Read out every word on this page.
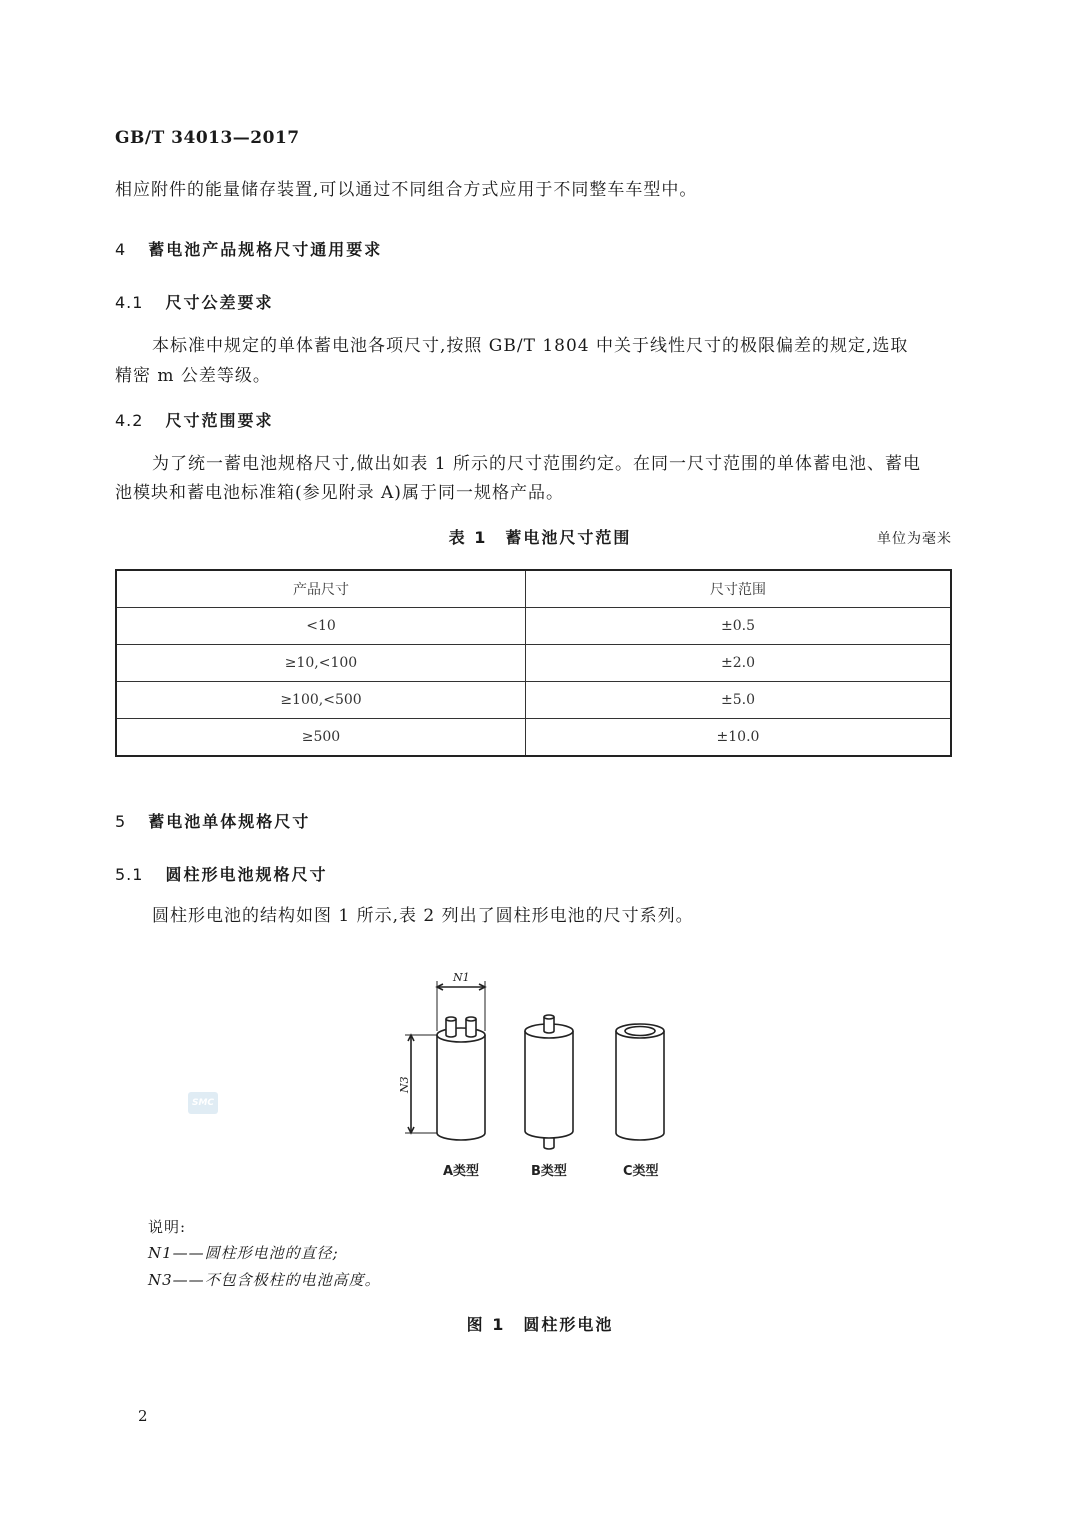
GB/T 34013—2017
相应附件的能量储存装置,可以通过不同组合方式应用于不同整车车型中。
4 蓄电池产品规格尺寸通用要求
4.1 尺寸公差要求
本标准中规定的单体蓄电池各项尺寸,按照 GB/T 1804 中关于线性尺寸的极限偏差的规定,选取
精密 m 公差等级。
4.2 尺寸范围要求
为了统一蓄电池规格尺寸,做出如表 1 所示的尺寸范围约定。在同一尺寸范围的单体蓄电池、蓄电
池模块和蓄电池标准箱(参见附录 A)属于同一规格产品。
表 1　蓄电池尺寸范围	单位为毫米
产品尺寸	尺寸范围
<10	±0.5
≥10,<100	±2.0
≥100,<500	±5.0
≥500	±10.0
5 蓄电池单体规格尺寸
5.1 圆柱形电池规格尺寸
圆柱形电池的结构如图 1 所示,表 2 列出了圆柱形电池的尺寸系列。
SMC
N1
N3
A类型	B类型	C类型
说明:
N1——圆柱形电池的直径;
N3——不包含极柱的电池高度。
图 1　圆柱形电池
2
